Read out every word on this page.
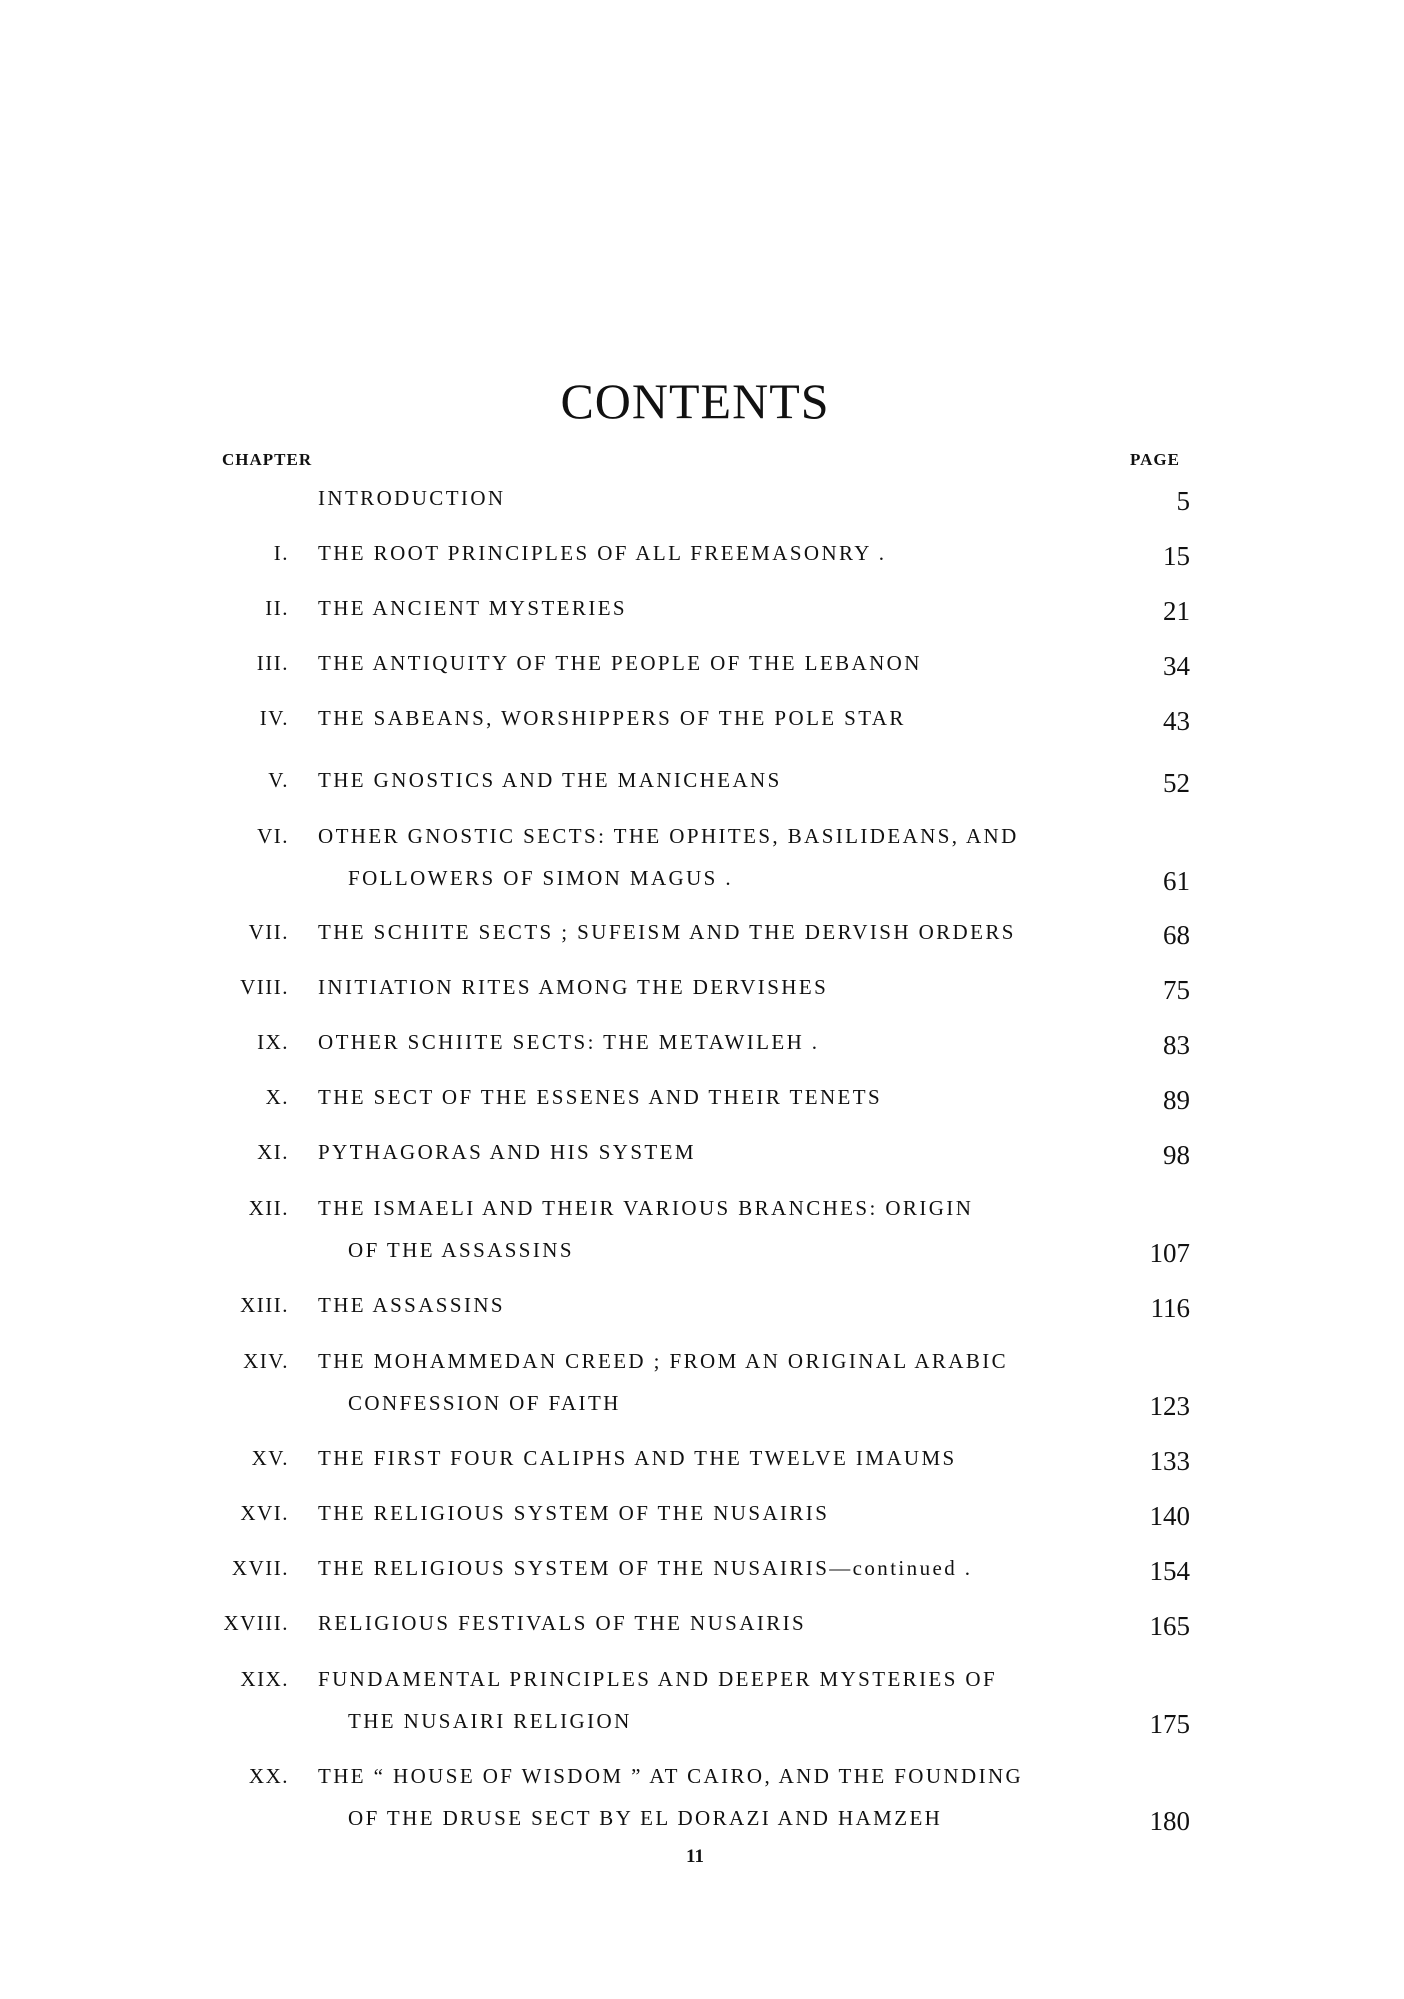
CONTENTS
CHAPTER	PAGE
INTRODUCTION	5
I. THE ROOT PRINCIPLES OF ALL FREEMASONRY .	15
II. THE ANCIENT MYSTERIES	21
III. THE ANTIQUITY OF THE PEOPLE OF THE LEBANON	34
IV. THE SABEANS, WORSHIPPERS OF THE POLE STAR	43
V. THE GNOSTICS AND THE MANICHEANS	52
VI. OTHER GNOSTIC SECTS: THE OPHITES, BASILIDEANS, AND
FOLLOWERS OF SIMON MAGUS .	61
VII. THE SCHIITE SECTS ; SUFEISM AND THE DERVISH ORDERS	68
VIII. INITIATION RITES AMONG THE DERVISHES	75
IX. OTHER SCHIITE SECTS: THE METAWILEH .	83
X. THE SECT OF THE ESSENES AND THEIR TENETS	89
XI. PYTHAGORAS AND HIS SYSTEM	98
XII. THE ISMAELI AND THEIR VARIOUS BRANCHES: ORIGIN
OF THE ASSASSINS	107
XIII. THE ASSASSINS	116
XIV. THE MOHAMMEDAN CREED ; FROM AN ORIGINAL ARABIC
CONFESSION OF FAITH	123
XV. THE FIRST FOUR CALIPHS AND THE TWELVE IMAUMS	133
XVI. THE RELIGIOUS SYSTEM OF THE NUSAIRIS	140
XVII. THE RELIGIOUS SYSTEM OF THE NUSAIRIS—continued .	154
XVIII. RELIGIOUS FESTIVALS OF THE NUSAIRIS	165
XIX. FUNDAMENTAL PRINCIPLES AND DEEPER MYSTERIES OF
THE NUSAIRI RELIGION	175
XX. THE “ HOUSE OF WISDOM ” AT CAIRO, AND THE FOUNDING
OF THE DRUSE SECT BY EL DORAZI AND HAMZEH	180
11
